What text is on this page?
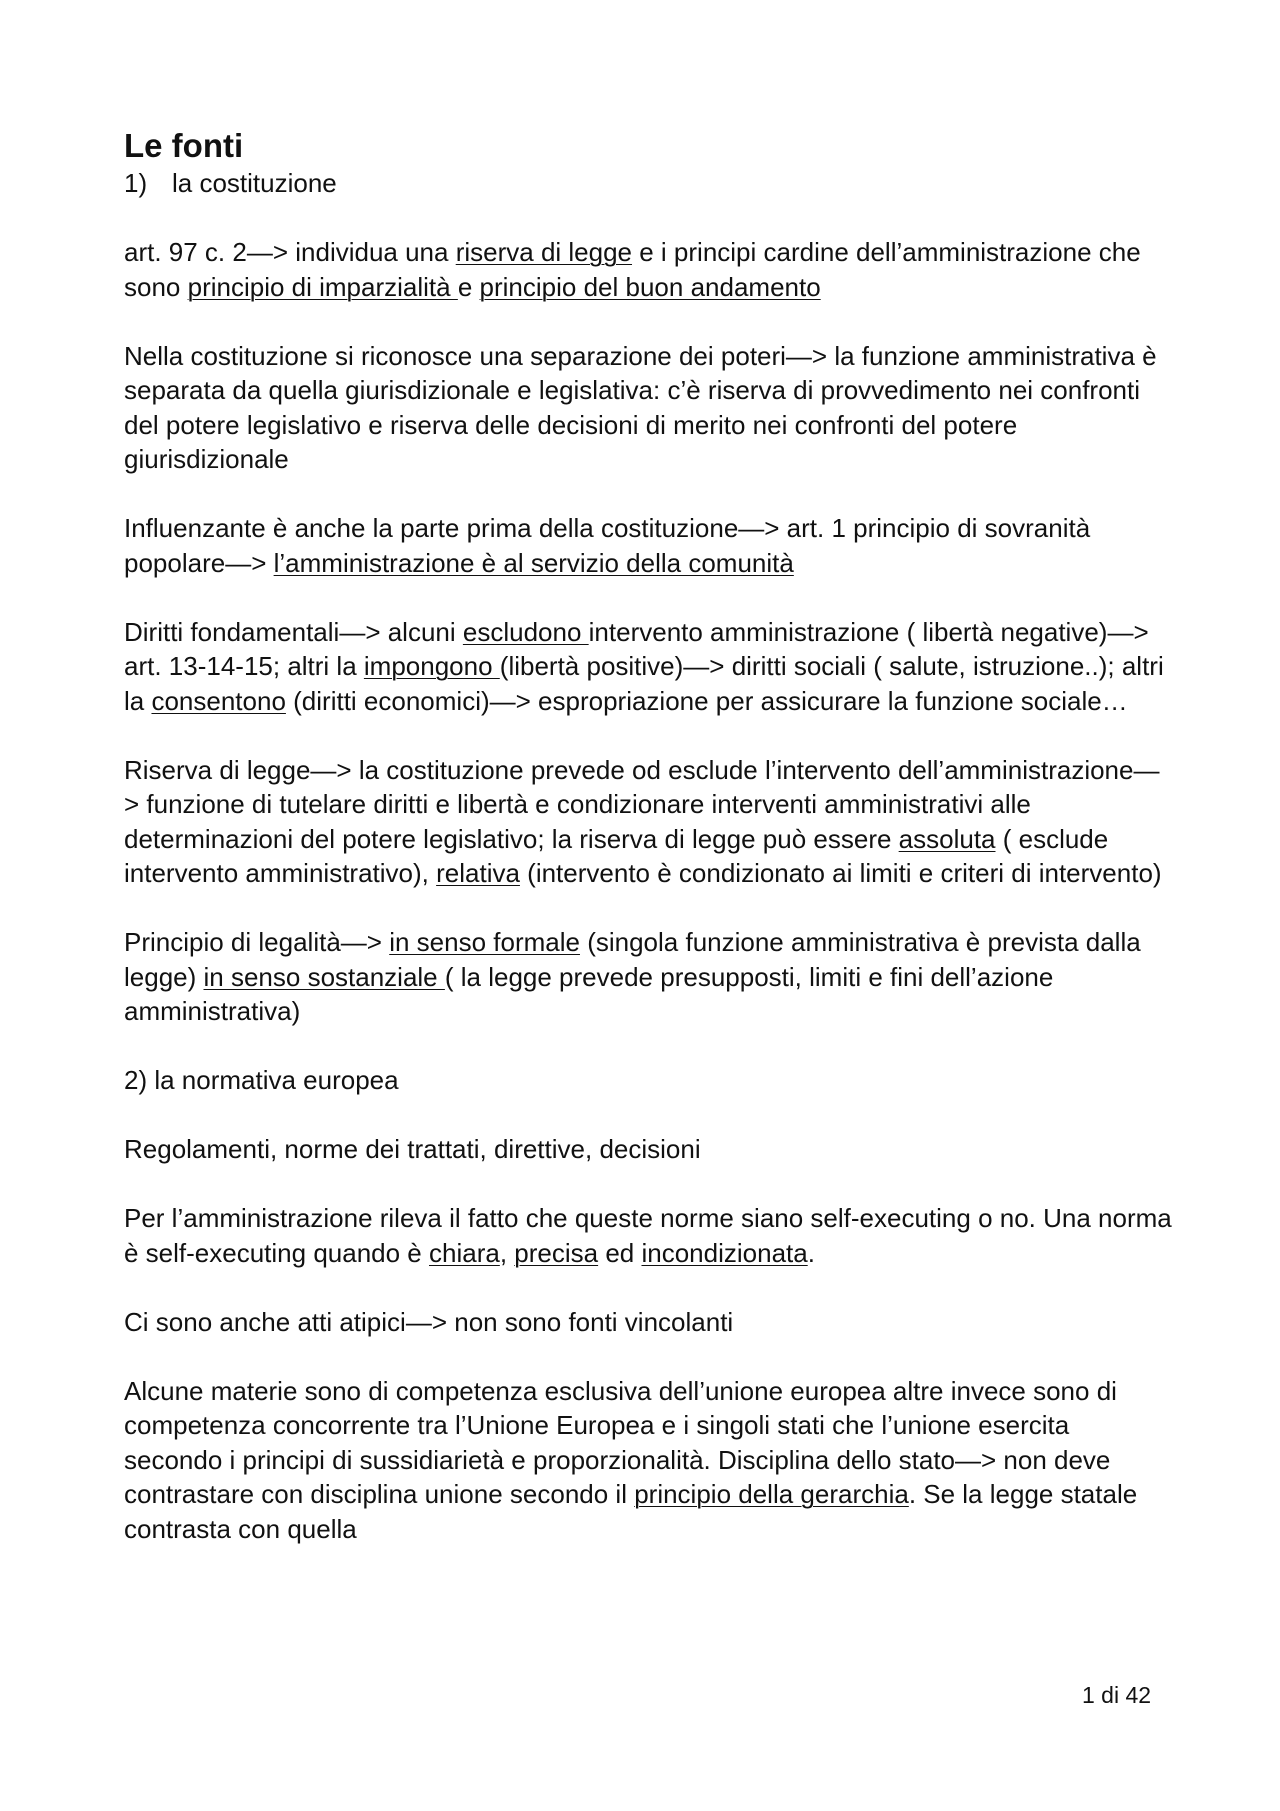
Le fonti
1) la costituzione

art. 97 c. 2—> individua una riserva di legge e i principi cardine dell’amministrazione che sono principio di imparzialità e principio del buon andamento

Nella costituzione si riconosce una separazione dei poteri—> la funzione amministrativa è separata da quella giurisdizionale e legislativa: c’è riserva di provvedimento nei confronti del potere legislativo e riserva delle decisioni di merito nei confronti del potere giurisdizionale

Influenzante è anche la parte prima della costituzione—> art. 1 principio di sovranità popolare—> l’amministrazione è al servizio della comunità

Diritti fondamentali—> alcuni escludono intervento amministrazione ( libertà negative)—> art. 13-14-15; altri la impongono (libertà positive)—> diritti sociali ( salute, istruzione..); altri la consentono (diritti economici)—> espropriazione per assicurare la funzione sociale…

Riserva di legge—> la costituzione prevede od esclude l’intervento dell’amministrazione—> funzione di tutelare diritti e libertà e condizionare interventi amministrativi alle determinazioni del potere legislativo; la riserva di legge può essere assoluta ( esclude intervento amministrativo), relativa (intervento è condizionato ai limiti e criteri di intervento)

Principio di legalità—> in senso formale (singola funzione amministrativa è prevista dalla legge) in senso sostanziale ( la legge prevede presupposti, limiti e fini dell’azione amministrativa)

2) la normativa europea

Regolamenti, norme dei trattati, direttive, decisioni

Per l’amministrazione rileva il fatto che queste norme siano self-executing o no. Una norma è self-executing quando è chiara, precisa ed incondizionata.

Ci sono anche atti atipici—> non sono fonti vincolanti

Alcune materie sono di competenza esclusiva dell’unione europea altre invece sono di competenza concorrente tra l’Unione Europea e i singoli stati che l’unione esercita secondo i principi di sussidiarietà e proporzionalità. Disciplina dello stato—> non deve contrastare con disciplina unione secondo il principio della gerarchia. Se la legge statale contrasta con quella

1 di 42
